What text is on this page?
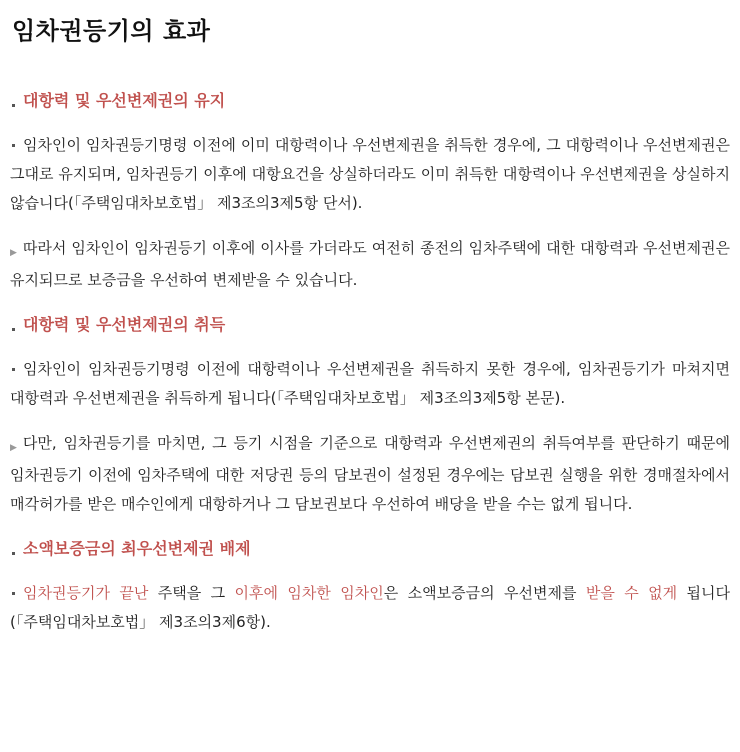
임차권등기의 효과
대항력 및 우선변제권의 유지

임차인이 임차권등기명령 이전에 이미 대항력이나 우선변제권을 취득한 경우에, 그 대항력이나 우선변제권은 그대로 유지되며, 임차권등기 이후에 대항요건을 상실하더라도 이미 취득한 대항력이나 우선변제권을 상실하지 않습니다(「주택임대차보호법」 제3조의3제5항 단서).

▶ 따라서 임차인이 임차권등기 이후에 이사를 가더라도 여전히 종전의 임차주택에 대한 대항력과 우선변제권은 유지되므로 보증금을 우선하여 변제받을 수 있습니다.

대항력 및 우선변제권의 취득

임차인이 임차권등기명령 이전에 대항력이나 우선변제권을 취득하지 못한 경우에, 임차권등기가 마쳐지면 대항력과 우선변제권을 취득하게 됩니다(「주택임대차보호법」 제3조의3제5항 본문).

▶ 다만, 임차권등기를 마치면, 그 등기 시점을 기준으로 대항력과 우선변제권의 취득여부를 판단하기 때문에 임차권등기 이전에 임차주택에 대한 저당권 등의 담보권이 설정된 경우에는 담보권 실행을 위한 경매절차에서 매각허가를 받은 매수인에게 대항하거나 그 담보권보다 우선하여 배당을 받을 수는 없게 됩니다.

소액보증금의 최우선변제권 배제

임차권등기가 끝난 주택을 그 이후에 임차한 임차인은 소액보증금의 우선변제를 받을 수 없게 됩니다(「주택임대차보호법」 제3조의3제6항).
